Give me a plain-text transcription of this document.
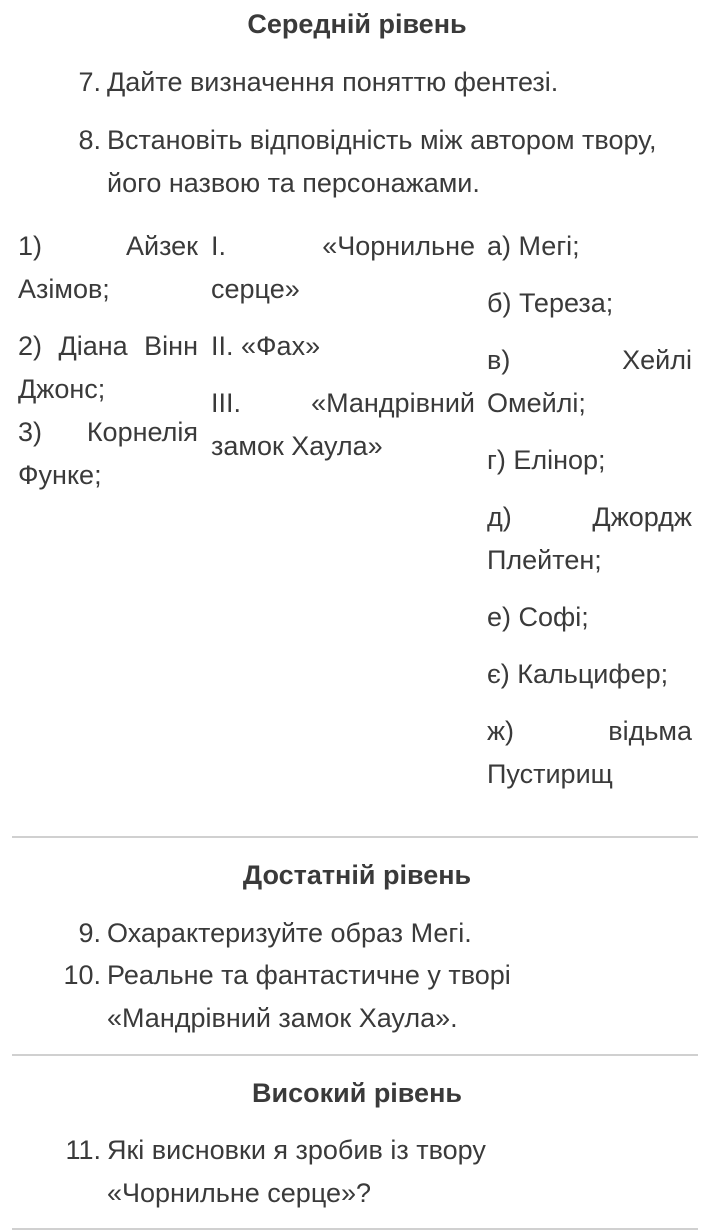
Середній рівень
7. Дайте визначення поняттю фентезі.
8. Встановіть відповідність між автором твору, його назвою та персонажами.
1) Айзек Азімов;
2) Діана Вінн Джонс;
3) Корнелія Функе;
I. «Чорнильне серце»
II. «Фах»
III. «Мандрівний замок Хаула»
а) Мегі;
б) Тереза;
в) Хейлі Омейлі;
г) Елінор;
д) Джордж Плейтен;
е) Софі;
є) Кальцифер;
ж) відьма Пустирищ
Достатній рівень
9. Охарактеризуйте образ Мегі.
10. Реальне та фантастичне у творі «Мандрівний замок Хаула».
Високий рівень
11. Які висновки я зробив із твору «Чорнильне серце»?
